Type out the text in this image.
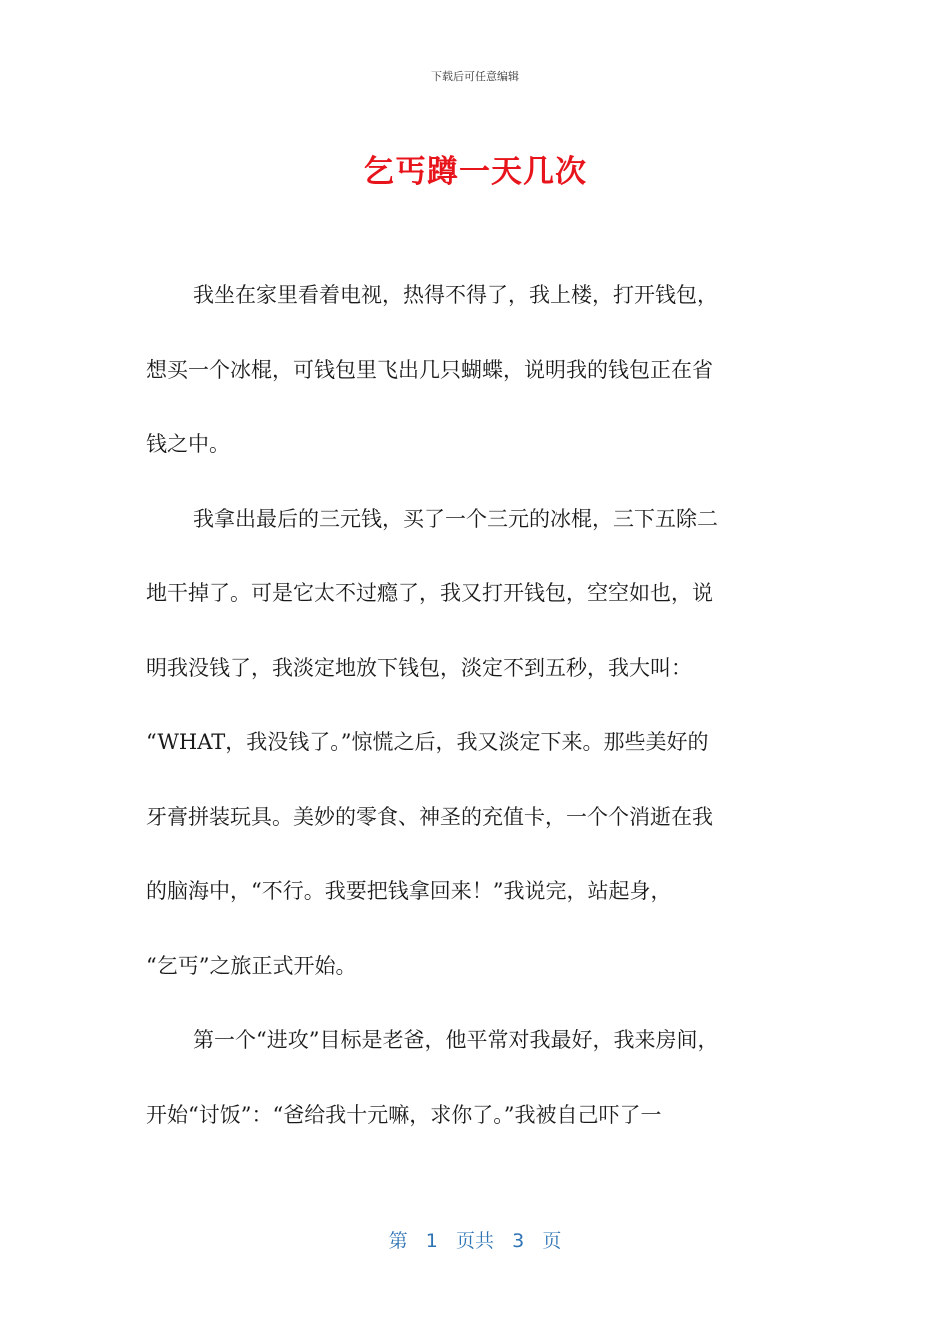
下载后可任意编辑
乞丐蹲一天几次
我坐在家里看着电视，热得不得了，我上楼，打开钱包，
想买一个冰棍，可钱包里飞出几只蝴蝶，说明我的钱包正在省
钱之中。
我拿出最后的三元钱，买了一个三元的冰棍，三下五除二
地干掉了。可是它太不过瘾了，我又打开钱包，空空如也，说
明我没钱了，我淡定地放下钱包，淡定不到五秒，我大叫：
“WHAT，我没钱了。”惊慌之后，我又淡定下来。那些美好的
牙膏拼装玩具。美妙的零食、神圣的充值卡，一个个消逝在我
的脑海中，“不行。我要把钱拿回来！”我说完，站起身，
“乞丐”之旅正式开始。
第一个“进攻”目标是老爸，他平常对我最好，我来房间，
开始“讨饭”：“爸给我十元嘛，求你了。”我被自己吓了一
第 1 页共 3 页
